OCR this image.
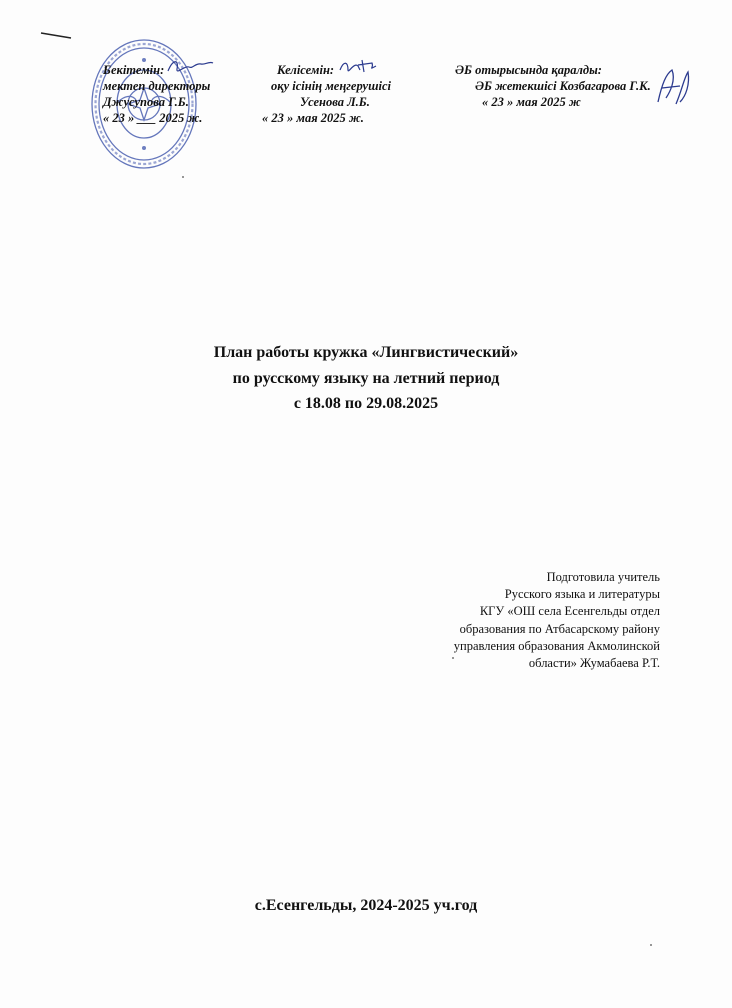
Бекітемін:
мектеп директоры
Джусупова Г.Б.
« 23 » ___ 2025 ж.
Келісемін:
оқу ісінің меңгерушісі
Усенова Л.Б.
« 23 » мая 2025 ж.
ӘБ отырысында қаралды:
ӘБ жетекшісі Козбагарова Г.К.
« 23 » мая 2025 ж
План работы кружка «Лингвистический»
по русскому языку на летний период
с 18.08 по 29.08.2025
Подготовила учитель
Русского языка и литературы
КГУ «ОШ села Есенгельды отдел
образования по Атбасарскому району
управления образования Акмолинской
области» Жумабаева Р.Т.
с.Есенгельды, 2024-2025 уч.год
